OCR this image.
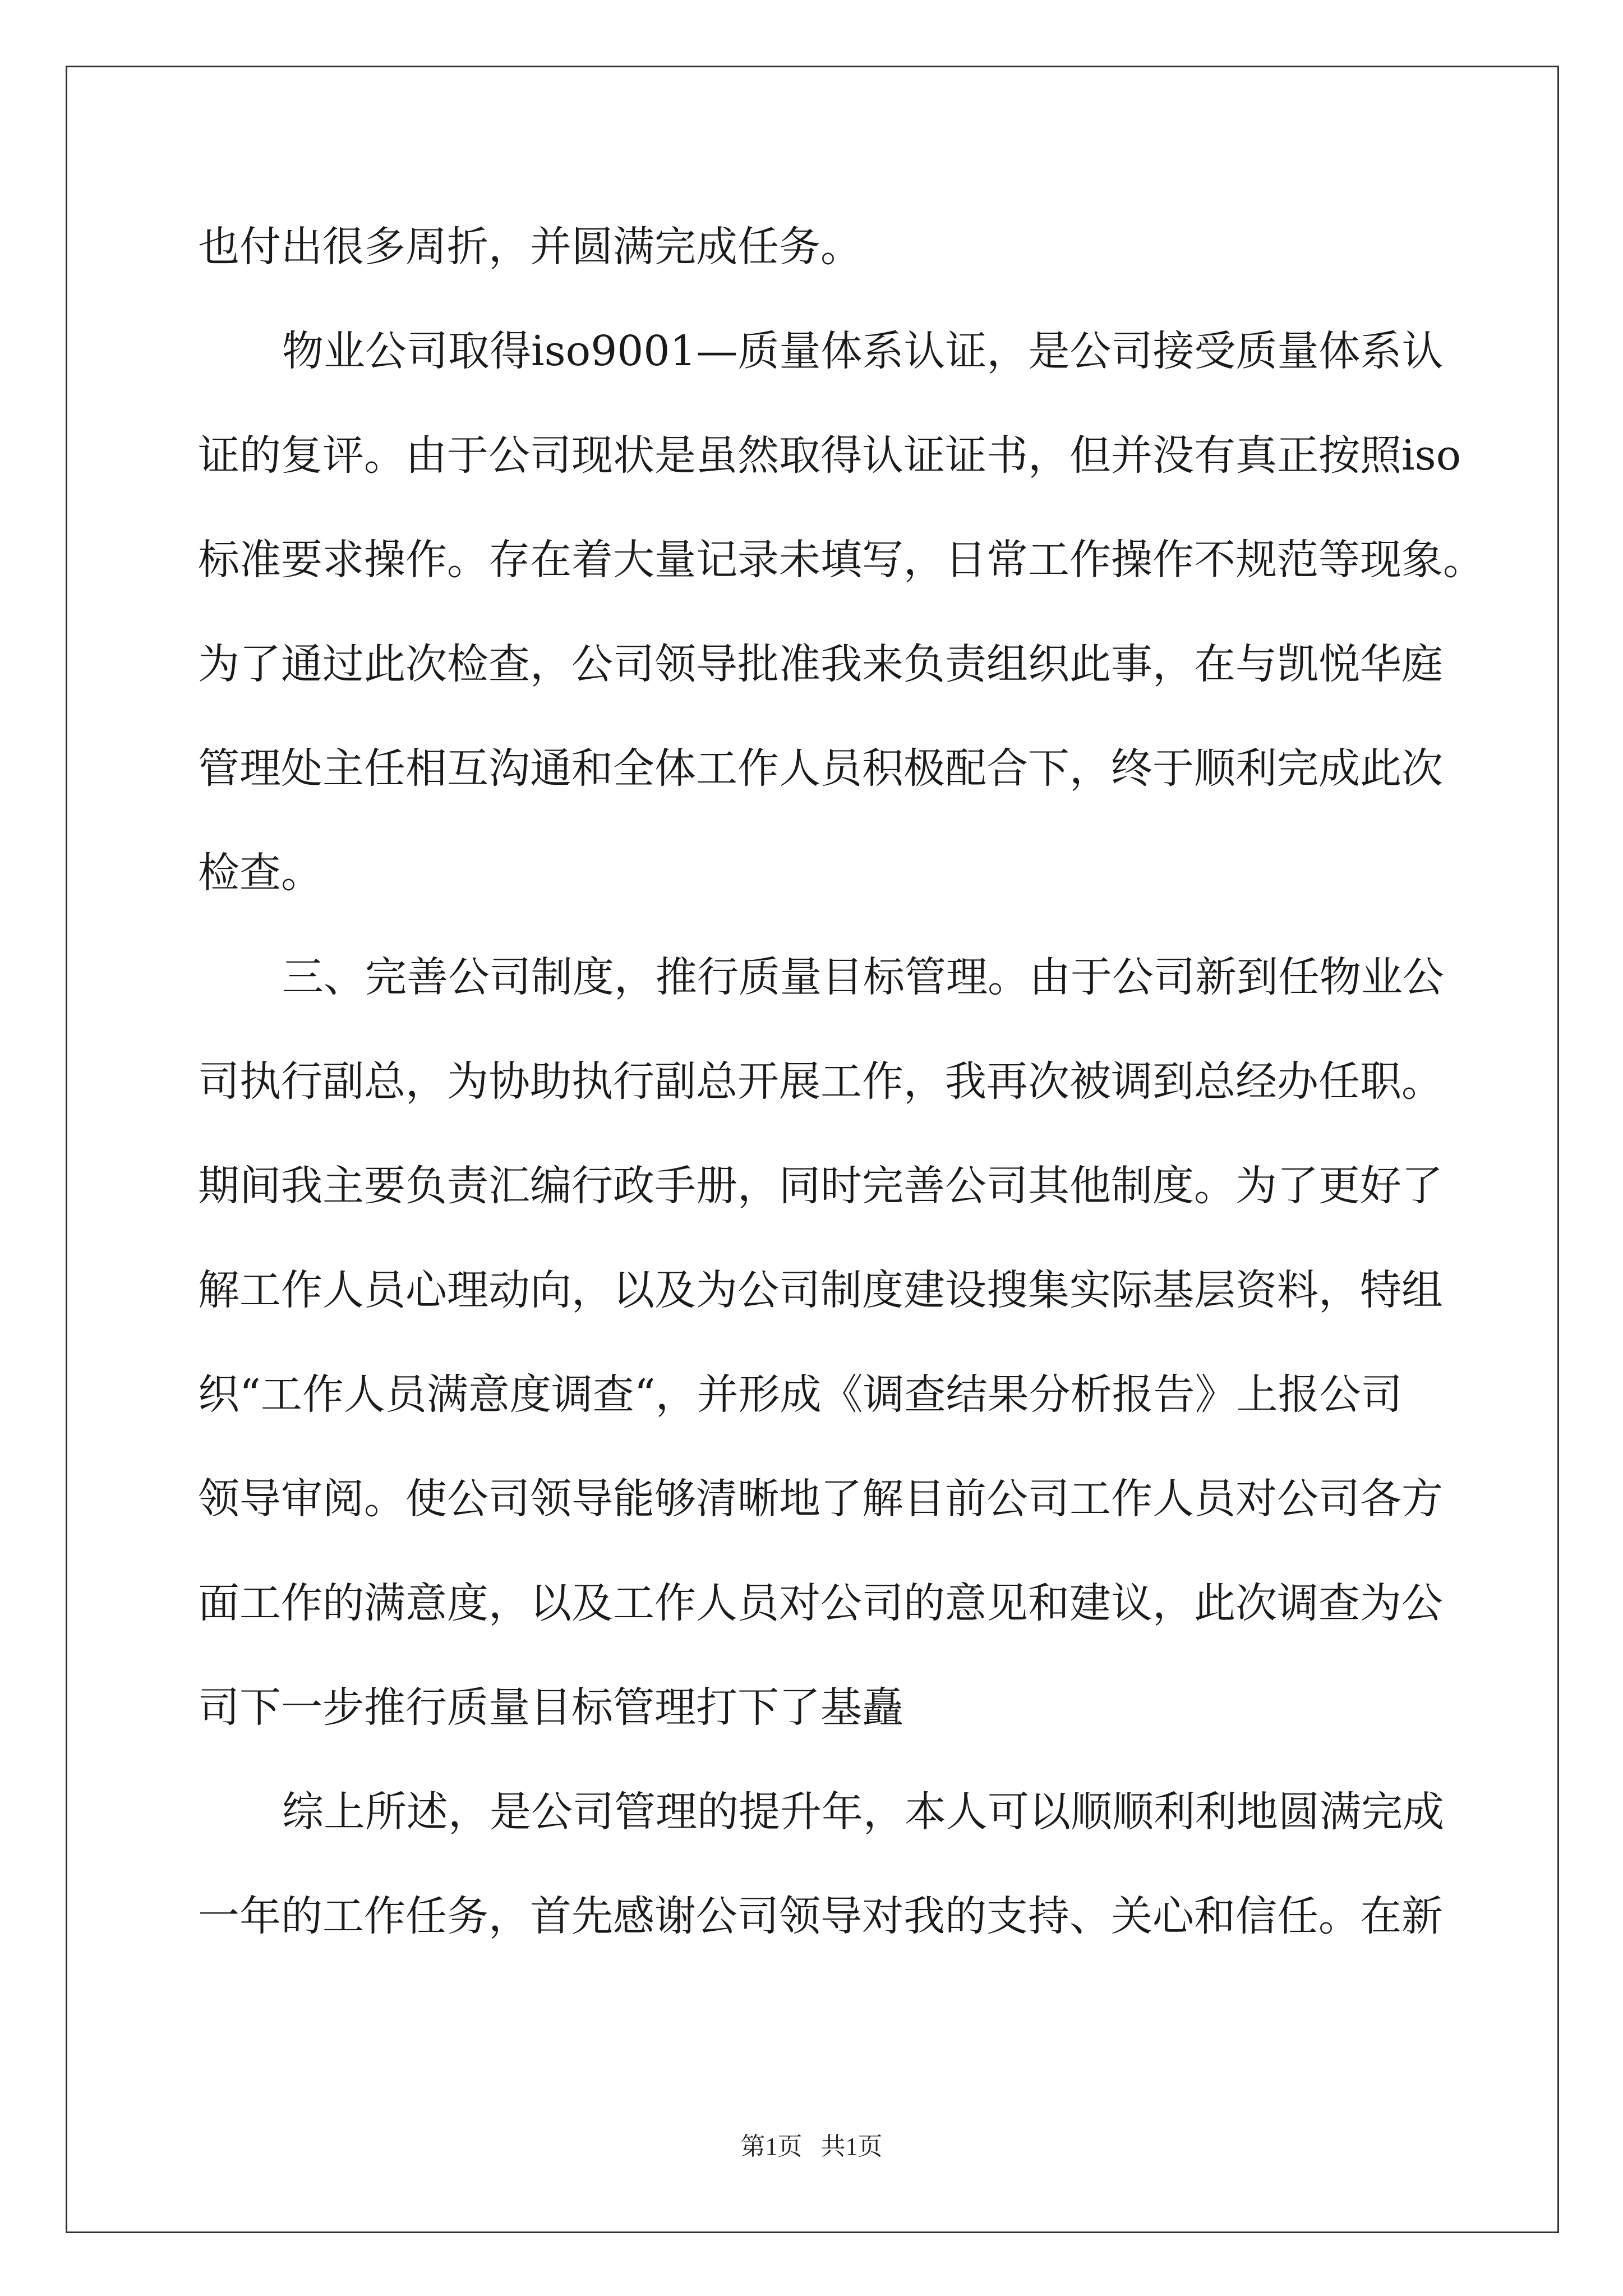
也付出很多周折，并圆满完成任务。
物业公司取得iso9001—质量体系认证，是公司接受质量体系认
证的复评。由于公司现状是虽然取得认证证书，但并没有真正按照iso
标准要求操作。存在着大量记录未填写，日常工作操作不规范等现象。
为了通过此次检查，公司领导批准我来负责组织此事，在与凯悦华庭
管理处主任相互沟通和全体工作人员积极配合下，终于顺利完成此次
检查。
三、完善公司制度，推行质量目标管理。由于公司新到任物业公
司执行副总，为协助执行副总开展工作，我再次被调到总经办任职。
期间我主要负责汇编行政手册，同时完善公司其他制度。为了更好了
解工作人员心理动向，以及为公司制度建设搜集实际基层资料，特组
织“工作人员满意度调查“，并形成《调查结果分析报告》上报公司
领导审阅。使公司领导能够清晰地了解目前公司工作人员对公司各方
面工作的满意度，以及工作人员对公司的意见和建议，此次调查为公
司下一步推行质量目标管理打下了基矗
综上所述，是公司管理的提升年，本人可以顺顺利利地圆满完成
一年的工作任务，首先感谢公司领导对我的支持、关心和信任。在新
第1页   共1页
